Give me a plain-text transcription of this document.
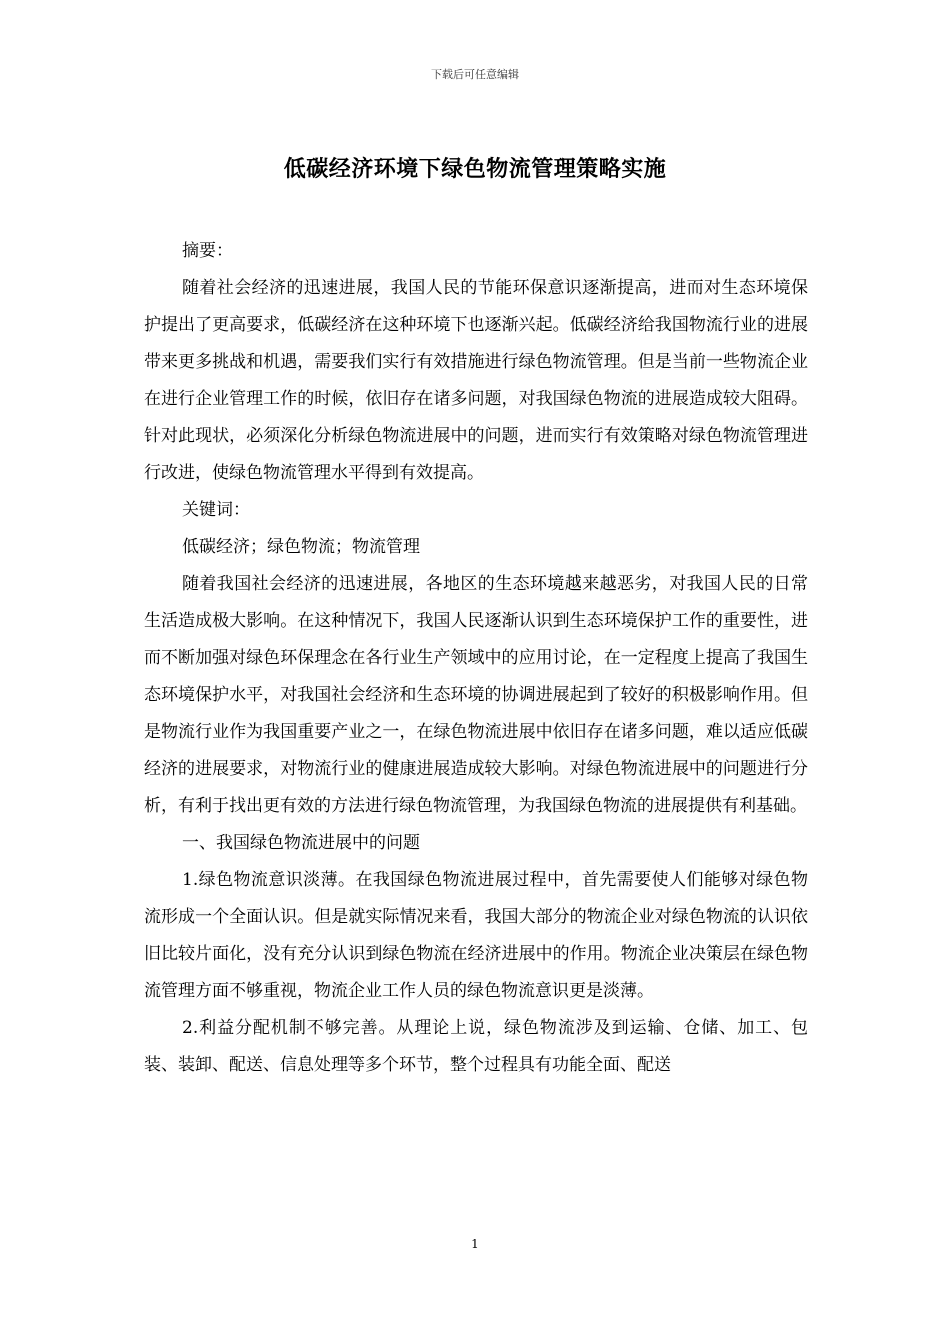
下载后可任意编辑
低碳经济环境下绿色物流管理策略实施

摘要：

随着社会经济的迅速进展，我国人民的节能环保意识逐渐提高，进而对生态环境保护提出了更高要求，低碳经济在这种环境下也逐渐兴起。低碳经济给我国物流行业的进展带来更多挑战和机遇，需要我们实行有效措施进行绿色物流管理。但是当前一些物流企业在进行企业管理工作的时候，依旧存在诸多问题，对我国绿色物流的进展造成较大阻碍。针对此现状，必须深化分析绿色物流进展中的问题，进而实行有效策略对绿色物流管理进行改进，使绿色物流管理水平得到有效提高。

关键词：

低碳经济；绿色物流；物流管理

随着我国社会经济的迅速进展，各地区的生态环境越来越恶劣，对我国人民的日常生活造成极大影响。在这种情况下，我国人民逐渐认识到生态环境保护工作的重要性，进而不断加强对绿色环保理念在各行业生产领域中的应用讨论，在一定程度上提高了我国生态环境保护水平，对我国社会经济和生态环境的协调进展起到了较好的积极影响作用。但是物流行业作为我国重要产业之一，在绿色物流进展中依旧存在诸多问题，难以适应低碳经济的进展要求，对物流行业的健康进展造成较大影响。对绿色物流进展中的问题进行分析，有利于找出更有效的方法进行绿色物流管理，为我国绿色物流的进展提供有利基础。

一、我国绿色物流进展中的问题

1.绿色物流意识淡薄。在我国绿色物流进展过程中，首先需要使人们能够对绿色物流形成一个全面认识。但是就实际情况来看，我国大部分的物流企业对绿色物流的认识依旧比较片面化，没有充分认识到绿色物流在经济进展中的作用。物流企业决策层在绿色物流管理方面不够重视，物流企业工作人员的绿色物流意识更是淡薄。

2.利益分配机制不够完善。从理论上说，绿色物流涉及到运输、仓储、加工、包装、装卸、配送、信息处理等多个环节，整个过程具有功能全面、配送

1
